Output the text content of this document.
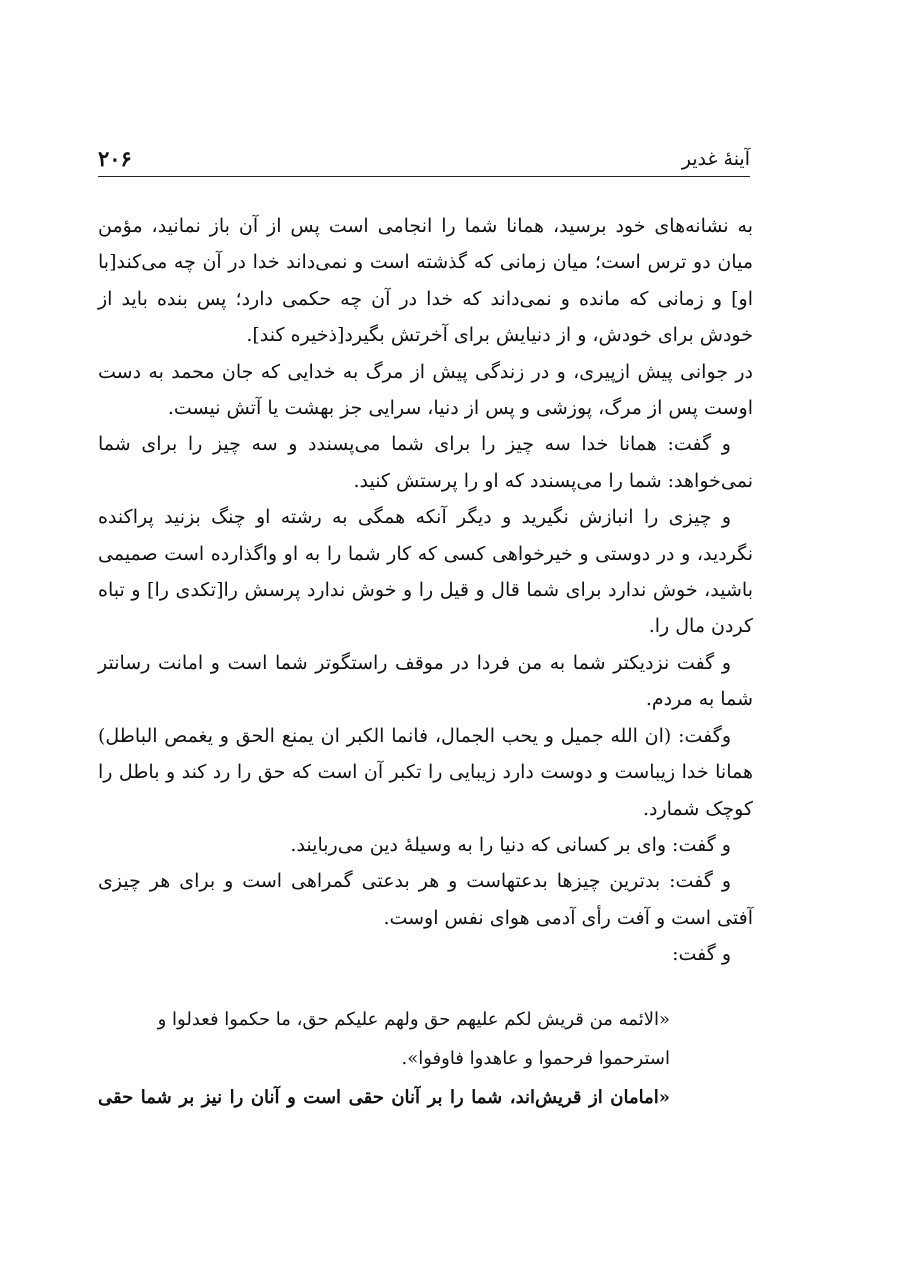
آینۀ غدیر
۲۰۶

به نشانه‌های خود برسید، همانا شما را انجامی است پس از آن باز نمانید، مؤمن میان دو ترس است؛ میان زمانی که گذشته است و نمی‌داند خدا در آن چه می‌کند[با او] و زمانی که مانده و نمی‌داند که خدا در آن چه حکمی دارد؛ پس بنده باید از خودش برای خودش، و از دنیایش برای آخرتش بگیرد[ذخیره کند].

در جوانی پیش ازپیری، و در زندگی پیش از مرگ به خدایی که جان محمد به دست اوست پس از مرگ، پوزشی و پس از دنیا، سرایی جز بهشت یا آتش نیست.

و گفت: همانا خدا سه چیز را برای شما می‌پسندد و سه چیز را برای شما نمی‌خواهد: شما را می‌پسندد که او را پرستش کنید.

و چیزی را انبازش نگیرید و دیگر آنکه همگی به رشته او چنگ بزنید پراکنده نگردید، و در دوستی و خیرخواهی کسی که کار شما را به او واگذارده است صمیمی باشید، خوش ندارد برای شما قال و قیل را و خوش ندارد پرسش را[تکدی را] و تباه کردن مال را.

و گفت نزدیکتر شما به من فردا در موقف راستگوتر شما است و امانت رسانتر شما به مردم.

وگفت: (ان الله جمیل و یحب الجمال، فانما الکبر ان یمنع الحق و یغمص الباطل) همانا خدا زیباست و دوست دارد زیبایی را تکبر آن است که حق را رد کند و باطل را کوچک شمارد.

و گفت: وای بر کسانی که دنیا را به وسیلۀ دین می‌ربایند.

و گفت: بدترین چیزها بدعتهاست و هر بدعتی گمراهی است و برای هر چیزی آفتی است و آفت رأی آدمی هوای نفس اوست.

و گفت:

«الائمه من قریش لکم علیهم حق ولهم علیکم حق، ما حکموا فعدلوا و

استرحموا فرحموا و عاهدوا فاوفوا».

«امامان از قریش‌اند، شما را بر آنان حقی است و آنان را نیز بر شما حقی
